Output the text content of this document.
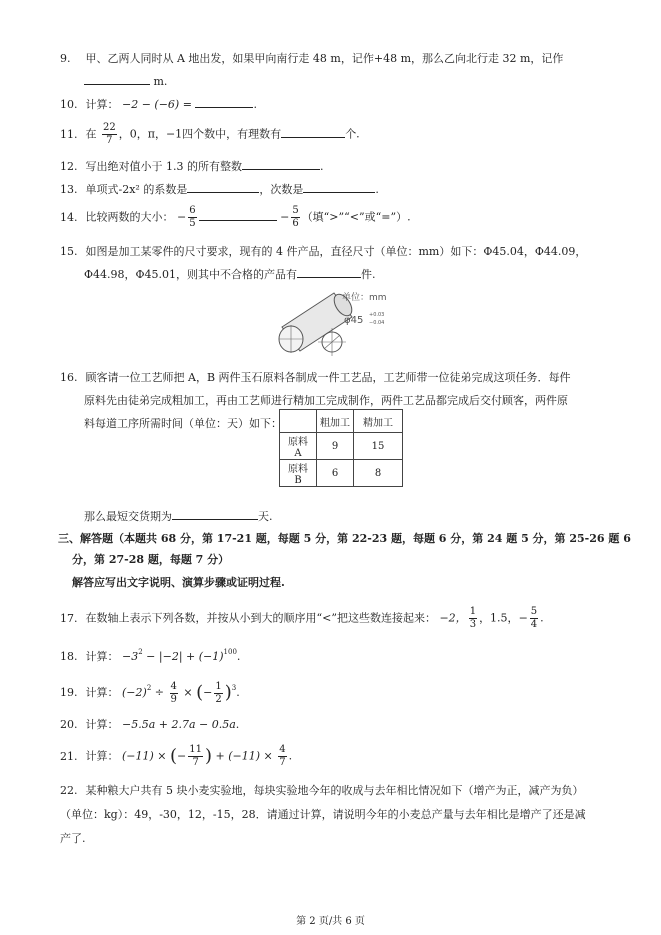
9. 甲、乙两人同时从 A 地出发，如果甲向南行走 48 m，记作+48 m，那么乙向北行走 32 m，记作
m.
10. 计算： −2 − (−6) =	.
11. 在 $\frac{22}{7}$ ，0，π，−1四个数中，有理数有	个.
12. 写出绝对值小于 1.3 的所有整数	.
13. 单项式-2x² 的系数是	，次数是	.
14. 比较两数的大小： − $\frac{6}{5}$	− $\frac{5}{6}$ （填“>”“<”或“=”）.
15. 如图是加工某零件的尺寸要求，现有的 4 件产品，直径尺寸（单位：mm）如下：Φ45.04，Φ44.09，
Φ44.98，Φ45.01，则其中不合格的产品有	件.
单位：mm
φ45 +0.03
−0.04
16. 顾客请一位工艺师把 A，B 两件玉石原料各制成一件工艺品，工艺师带一位徒弟完成这项任务．每件
原料先由徒弟完成粗加工，再由工艺师进行精加工完成制作，两件工艺品都完成后交付顾客，两件原
料每道工序所需时间（单位：天）如下：
		粗加工	精加工
原料 A	9	15
原料 B	6	8
那么最短交货期为	天.
三、解答题（本题共 68 分，第 17-21 题，每题 5 分，第 22-23 题，每题 6 分，第 24 题 5 分，第 25-26 题 6
分，第 27-28 题，每题 7 分）
解答应写出文字说明、演算步骤或证明过程.
17. 在数轴上表示下列各数，并按从小到大的顺序用“<”把这些数连接起来： −2， $\frac{1}{3}$ ，1.5，− $\frac{5}{4}$ .
18. 计算： $-3^2 - |-2| + (-1)^{100}$.
19. 计算： $(-2)^2 \div \frac{4}{9}$ × (− $\frac{1}{2} )^3$.
20. 计算： −5.5a + 2.7a − 0.5a.
21. 计算： (−11) × (− $\frac{11}{7}$ ) + $(-11) \times \frac{4}{7}$ .
22. 某种粮大户共有 5 块小麦实验地，每块实验地今年的收成与去年相比情况如下（增产为正，减产为负）
（单位：kg）：49，-30，12，-15，28．请通过计算，请说明今年的小麦总产量与去年相比是增产了还是减
产了.
第 2 页/共 6 页
